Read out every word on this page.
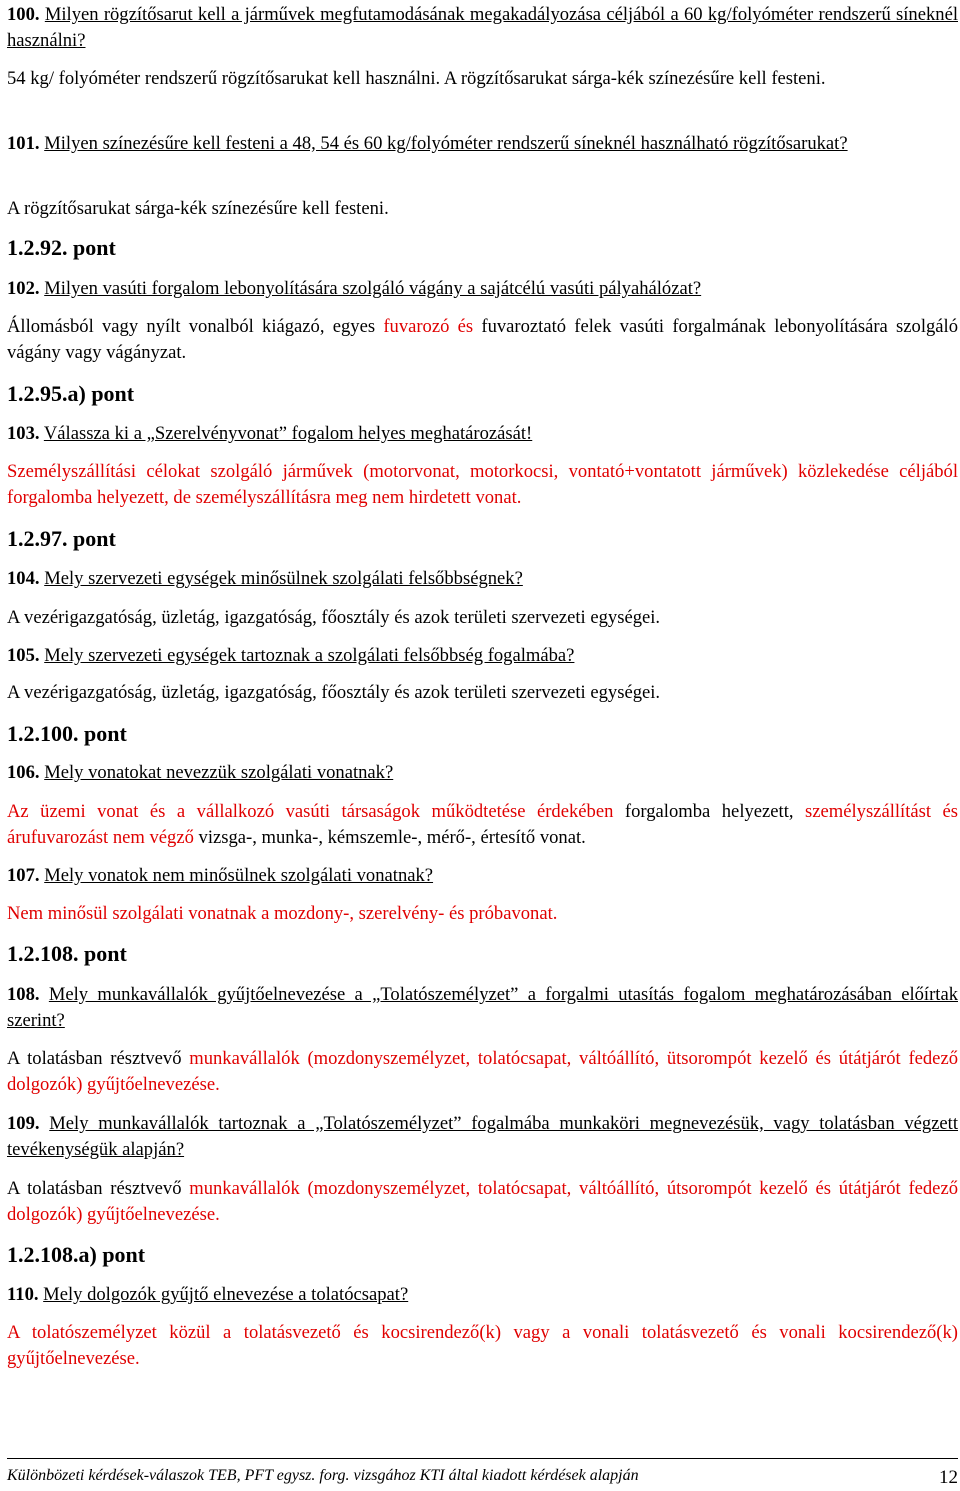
100. Milyen rögzítősarut kell a járművek megfutamodásának megakadályozása céljából a 60 kg/folyóméter rendszerű síneknél használni?
54 kg/ folyóméter rendszerű rögzítősarukat kell használni. A rögzítősarukat sárga-kék színezésűre kell festeni.
101. Milyen színezésűre kell festeni a 48, 54 és 60 kg/folyóméter rendszerű síneknél használható rögzítősarukat?
A rögzítősarukat sárga-kék színezésűre kell festeni.
1.2.92. pont
102. Milyen vasúti forgalom lebonyolítására szolgáló vágány a sajátcélú vasúti pályahálózat?
Állomásból vagy nyílt vonalból kiágazó, egyes fuvarozó és fuvaroztató felek vasúti forgalmának lebonyolítására szolgáló vágány vagy vágányzat.
1.2.95.a) pont
103. Válassza ki a „Szerelvényvonat” fogalom helyes meghatározását!
Személyszállítási célokat szolgáló járművek (motorvonat, motorkocsi, vontató+vontatott járművek) közlekedése céljából forgalomba helyezett, de személyszállításra meg nem hirdetett vonat.
1.2.97. pont
104. Mely szervezeti egységek minősülnek szolgálati felsőbbségnek?
A vezérigazgatóság, üzletág, igazgatóság, főosztály és azok területi szervezeti egységei.
105. Mely szervezeti egységek tartoznak a szolgálati felsőbbség fogalmába?
A vezérigazgatóság, üzletág, igazgatóság, főosztály és azok területi szervezeti egységei.
1.2.100. pont
106. Mely vonatokat nevezzük szolgálati vonatnak?
Az üzemi vonat és a vállalkozó vasúti társaságok működtetése érdekében forgalomba helyezett, személyszállítást és árufuvarozást nem végző vizsga-, munka-, kémszemle-, mérő-, értesítő vonat.
107. Mely vonatok nem minősülnek szolgálati vonatnak?
Nem minősül szolgálati vonatnak a mozdony-, szerelvény- és próbavonat.
1.2.108. pont
108. Mely munkavállalók gyűjtőelnevezése a „Tolatószemélyzet” a forgalmi utasítás fogalom meghatározásában előírtak szerint?
A tolatásban résztvevő munkavállalók (mozdonyszemélyzet, tolatócsapat, váltóállító, ütsorompót kezelő és útátjárót fedező dolgozók) gyűjtőelnevezése.
109. Mely munkavállalók tartoznak a „Tolatószemélyzet” fogalmába munkaköri megnevezésük, vagy tolatásban végzett tevékenységük alapján?
A tolatásban résztvevő munkavállalók (mozdonyszemélyzet, tolatócsapat, váltóállító, útsorompót kezelő és útátjárót fedező dolgozók) gyűjtőelnevezése.
1.2.108.a) pont
110. Mely dolgozók gyűjtő elnevezése a tolatócsapat?
A tolatószemélyzet közül a tolatásvezető és kocsirendező(k) vagy a vonali tolatásvezető és vonali kocsirendező(k) gyűjtőelnevezése.
Különbözeti kérdések-válaszok TEB, PFT egysz. forg. vizsgához KTI által kiadott kérdések alapján	12
